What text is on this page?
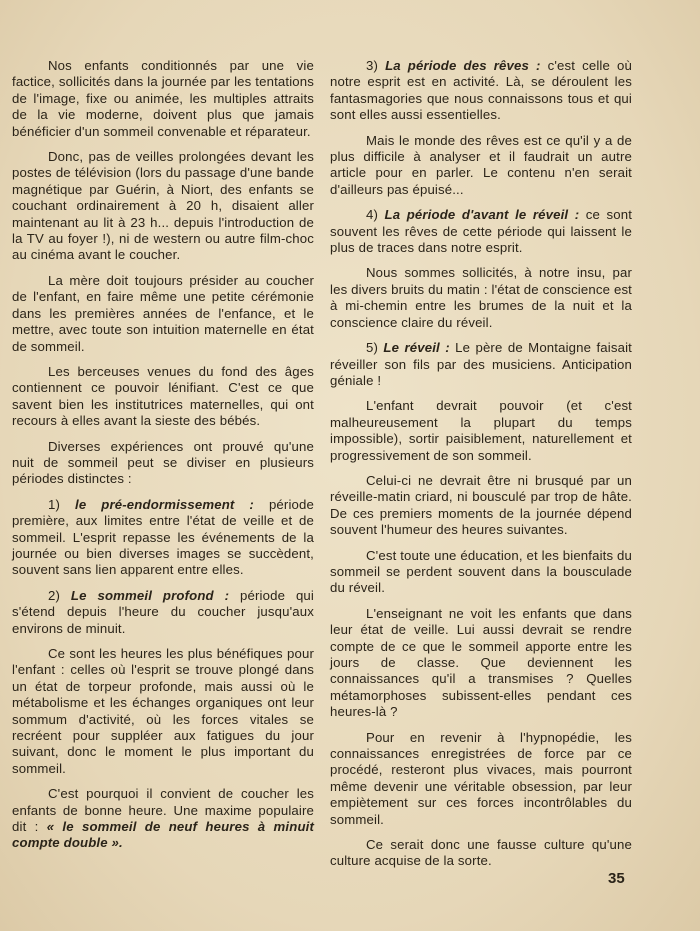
Nos enfants conditionnés par une vie factice, sollicités dans la journée par les tentations de l'image, fixe ou animée, les multiples attraits de la vie moderne, doivent plus que jamais bénéficier d'un sommeil convenable et réparateur.

Donc, pas de veilles prolongées devant les postes de télévision (lors du passage d'une bande magnétique par Guérin, à Niort, des enfants se couchant ordinairement à 20 h, disaient aller maintenant au lit à 23 h... depuis l'introduction de la TV au foyer !), ni de western ou autre film-choc au cinéma avant le coucher.

La mère doit toujours présider au coucher de l'enfant, en faire même une petite cérémonie dans les premières années de l'enfance, et le mettre, avec toute son intuition maternelle en état de sommeil.

Les berceuses venues du fond des âges contiennent ce pouvoir lénifiant. C'est ce que savent bien les institutrices maternelles, qui ont recours à elles avant la sieste des bébés.

Diverses expériences ont prouvé qu'une nuit de sommeil peut se diviser en plusieurs périodes distinctes :

1) le pré-endormissement : période première, aux limites entre l'état de veille et de sommeil. L'esprit repasse les événements de la journée ou bien diverses images se succèdent, souvent sans lien apparent entre elles.

2) Le sommeil profond : période qui s'étend depuis l'heure du coucher jusqu'aux environs de minuit.

Ce sont les heures les plus bénéfiques pour l'enfant : celles où l'esprit se trouve plongé dans un état de torpeur profonde, mais aussi où le métabolisme et les échanges organiques ont leur sommum d'activité, où les forces vitales se recréent pour suppléer aux fatigues du jour suivant, donc le moment le plus important du sommeil.

C'est pourquoi il convient de coucher les enfants de bonne heure. Une maxime populaire dit : « le sommeil de neuf heures à minuit compte double ».

3) La période des rêves : c'est celle où notre esprit est en activité. Là, se déroulent les fantasmagories que nous connaissons tous et qui sont elles aussi essentielles.

Mais le monde des rêves est ce qu'il y a de plus difficile à analyser et il faudrait un autre article pour en parler. Le contenu n'en serait d'ailleurs pas épuisé...

4) La période d'avant le réveil : ce sont souvent les rêves de cette période qui laissent le plus de traces dans notre esprit.

Nous sommes sollicités, à notre insu, par les divers bruits du matin : l'état de conscience est à mi-chemin entre les brumes de la nuit et la conscience claire du réveil.

5) Le réveil : Le père de Montaigne faisait réveiller son fils par des musiciens. Anticipation géniale !

L'enfant devrait pouvoir (et c'est malheureusement la plupart du temps impossible), sortir paisiblement, naturellement et progressivement de son sommeil.

Celui-ci ne devrait être ni brusqué par un réveille-matin criard, ni bousculé par trop de hâte. De ces premiers moments de la journée dépend souvent l'humeur des heures suivantes.

C'est toute une éducation, et les bienfaits du sommeil se perdent souvent dans la bousculade du réveil.

L'enseignant ne voit les enfants que dans leur état de veille. Lui aussi devrait se rendre compte de ce que le sommeil apporte entre les jours de classe. Que deviennent les connaissances qu'il a transmises ? Quelles métamorphoses subissent-elles pendant ces heures-là ?

Pour en revenir à l'hypnopédie, les connaissances enregistrées de force par ce procédé, resteront plus vivaces, mais pourront même devenir une véritable obsession, par leur empiètement sur ces forces incontrôlables du sommeil.

Ce serait donc une fausse culture qu'une culture acquise de la sorte.

35
